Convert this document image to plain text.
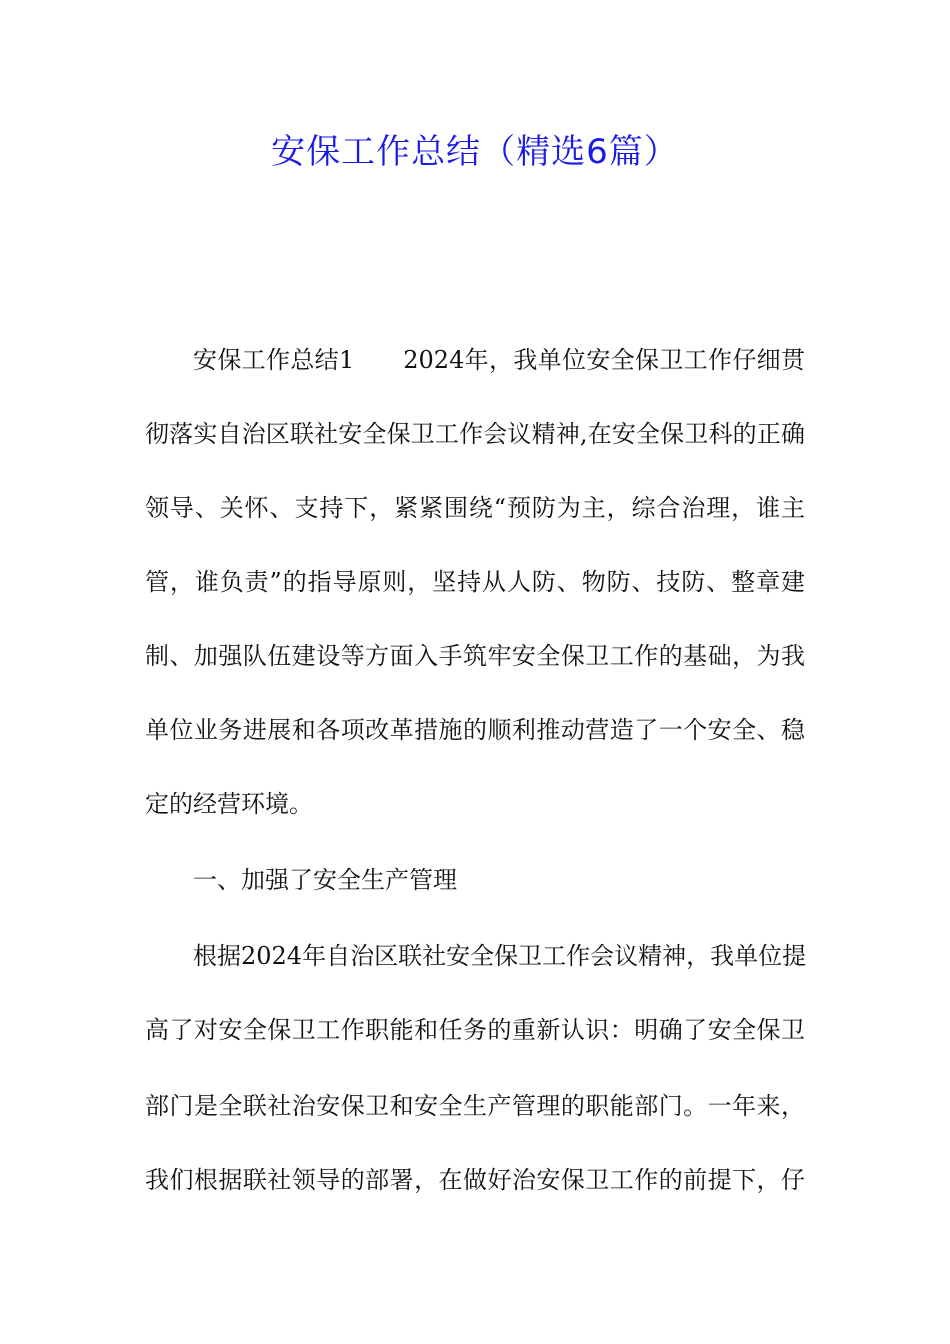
安保工作总结（精选6篇）
安保工作总结1　　2024年，我单位安全保卫工作仔细贯
彻落实自治区联社安全保卫工作会议精神,在安全保卫科的正确
领导、关怀、支持下，紧紧围绕“预防为主，综合治理，谁主
管，谁负责”的指导原则，坚持从人防、物防、技防、整章建
制、加强队伍建设等方面入手筑牢安全保卫工作的基础，为我
单位业务进展和各项改革措施的顺利推动营造了一个安全、稳
定的经营环境。
一、加强了安全生产管理
根据2024年自治区联社安全保卫工作会议精神，我单位提
高了对安全保卫工作职能和任务的重新认识：明确了安全保卫
部门是全联社治安保卫和安全生产管理的职能部门。一年来，
我们根据联社领导的部署，在做好治安保卫工作的前提下，仔
